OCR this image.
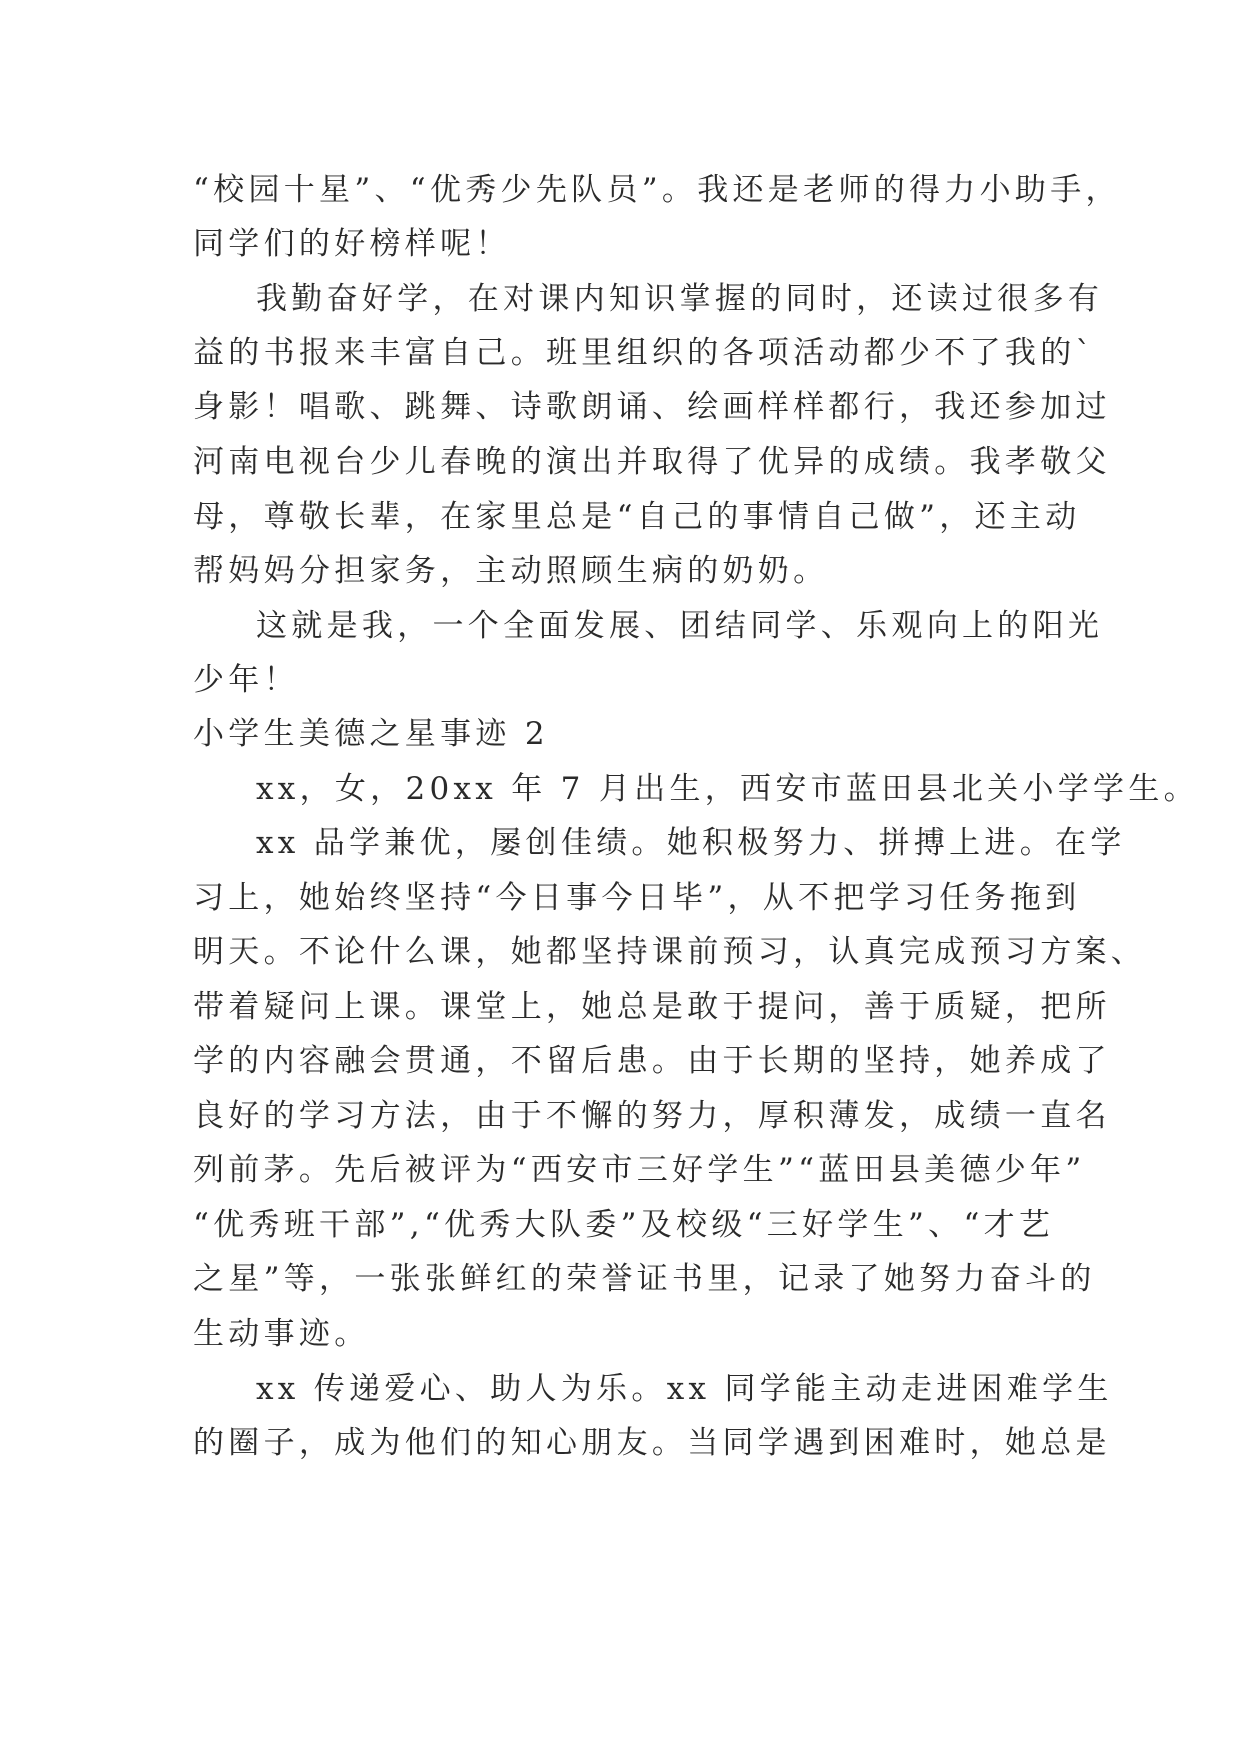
“校园十星”、“优秀少先队员”。我还是老师的得力小助手，
同学们的好榜样呢！
我勤奋好学，在对课内知识掌握的同时，还读过很多有
益的书报来丰富自己。班里组织的各项活动都少不了我的`
身影！唱歌、跳舞、诗歌朗诵、绘画样样都行，我还参加过
河南电视台少儿春晚的演出并取得了优异的成绩。我孝敬父
母，尊敬长辈，在家里总是“自己的事情自己做”，还主动
帮妈妈分担家务，主动照顾生病的奶奶。
这就是我，一个全面发展、团结同学、乐观向上的阳光
少年！
小学生美德之星事迹 2
xx，女，20xx 年 7 月出生，西安市蓝田县北关小学学生。
xx 品学兼优，屡创佳绩。她积极努力、拼搏上进。在学
习上，她始终坚持“今日事今日毕”，从不把学习任务拖到
明天。不论什么课，她都坚持课前预习，认真完成预习方案、
带着疑问上课。课堂上，她总是敢于提问，善于质疑，把所
学的内容融会贯通，不留后患。由于长期的坚持，她养成了
良好的学习方法，由于不懈的努力，厚积薄发，成绩一直名
列前茅。先后被评为“西安市三好学生”“蓝田县美德少年”
“优秀班干部”,“优秀大队委”及校级“三好学生”、“才艺
之星”等，一张张鲜红的荣誉证书里，记录了她努力奋斗的
生动事迹。
xx 传递爱心、助人为乐。xx 同学能主动走进困难学生
的圈子，成为他们的知心朋友。当同学遇到困难时，她总是
